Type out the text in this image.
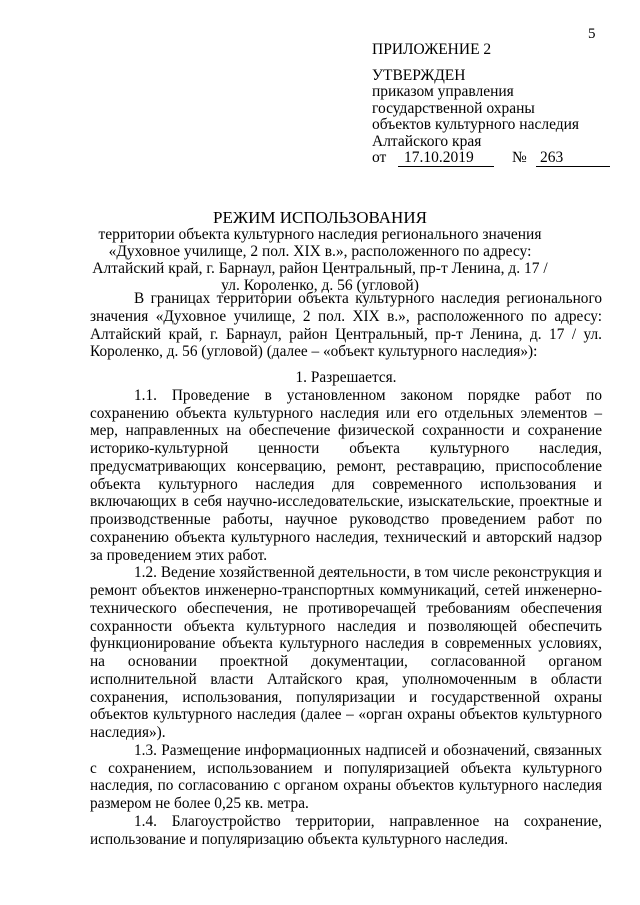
5
ПРИЛОЖЕНИЕ 2
УТВЕРЖДЕН
приказом управления
государственной охраны
объектов культурного наследия
Алтайского края
от	17.10.2019	№ 263
РЕЖИМ ИСПОЛЬЗОВАНИЯ
территории объекта культурного наследия регионального значения
«Духовное училище, 2 пол. XIX в.», расположенного по адресу:
Алтайский край, г. Барнаул, район Центральный, пр-т Ленина, д. 17 /
ул. Короленко, д. 56 (угловой)

В границах территории объекта культурного наследия регионального значения «Духовное училище, 2 пол. XIX в.», расположенного по адресу: Алтайский край, г. Барнаул, район Центральный, пр-т Ленина, д. 17 / ул. Короленко, д. 56 (угловой) (далее – «объект культурного наследия»):

1. Разрешается.

1.1. Проведение в установленном законом порядке работ по сохранению объекта культурного наследия или его отдельных элементов – мер, направленных на обеспечение физической сохранности и сохранение историко-культурной ценности объекта культурного наследия, предусматривающих консервацию, ремонт, реставрацию, приспособление объекта культурного наследия для современного использования и включающих в себя научно-исследовательские, изыскательские, проектные и производственные работы, научное руководство проведением работ по сохранению объекта культурного наследия, технический и авторский надзор за проведением этих работ.

1.2. Ведение хозяйственной деятельности, в том числе реконструкция и ремонт объектов инженерно-транспортных коммуникаций, сетей инженерно-технического обеспечения, не противоречащей требованиям обеспечения сохранности объекта культурного наследия и позволяющей обеспечить функционирование объекта культурного наследия в современных условиях, на основании проектной документации, согласованной органом исполнительной власти Алтайского края, уполномоченным в области сохранения, использования, популяризации и государственной охраны объектов культурного наследия (далее – «орган охраны объектов культурного наследия»).

1.3. Размещение информационных надписей и обозначений, связанных с сохранением, использованием и популяризацией объекта культурного наследия, по согласованию с органом охраны объектов культурного наследия размером не более 0,25 кв. метра.

1.4. Благоустройство территории, направленное на сохранение, использование и популяризацию объекта культурного наследия.
